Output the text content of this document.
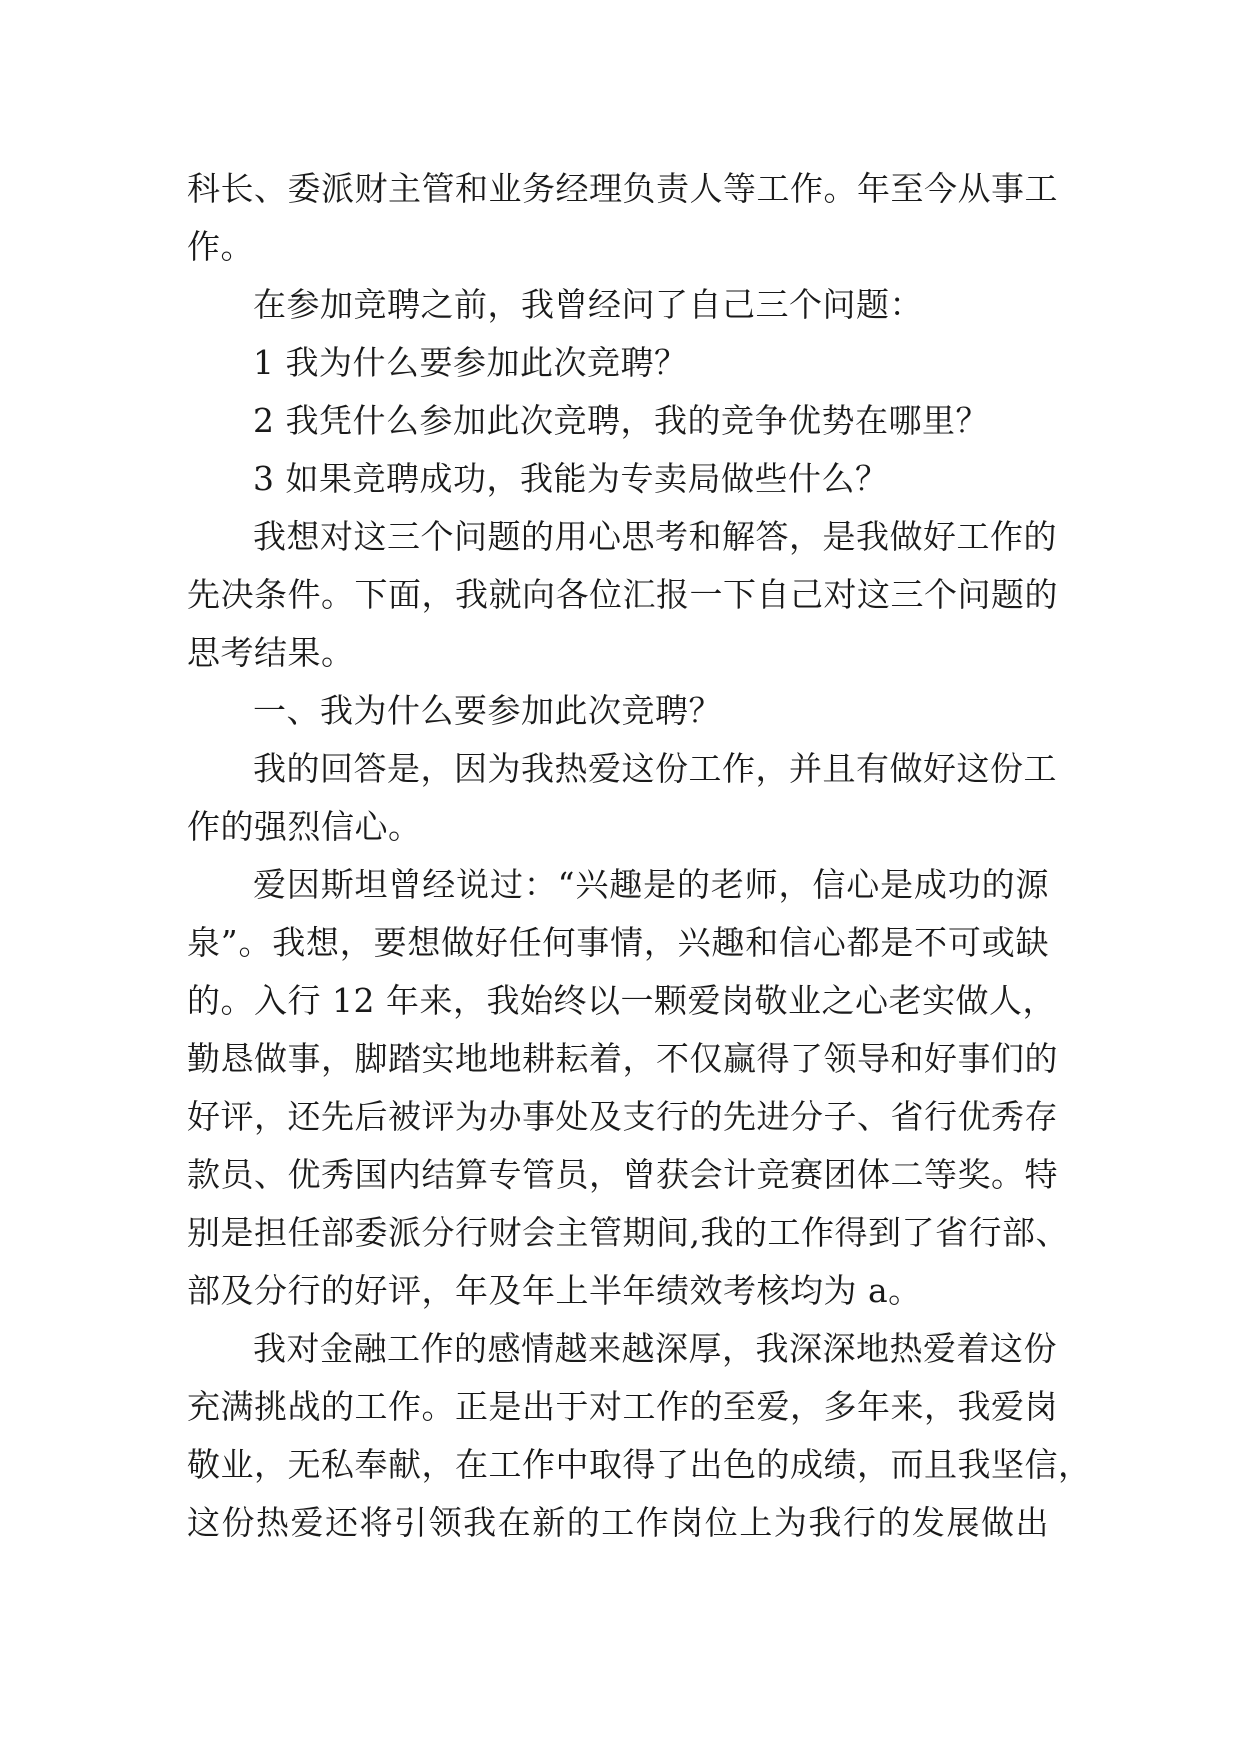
科长、委派财主管和业务经理负责人等工作。年至今从事工
作。
在参加竞聘之前，我曾经问了自己三个问题：
1 我为什么要参加此次竞聘？
2 我凭什么参加此次竞聘，我的竞争优势在哪里？
3 如果竞聘成功，我能为专卖局做些什么？
我想对这三个问题的用心思考和解答，是我做好工作的
先决条件。下面，我就向各位汇报一下自己对这三个问题的
思考结果。
一、我为什么要参加此次竞聘？
我的回答是，因为我热爱这份工作，并且有做好这份工
作的强烈信心。
爱因斯坦曾经说过：“兴趣是的老师，信心是成功的源
泉”。我想，要想做好任何事情，兴趣和信心都是不可或缺
的。入行 12 年来，我始终以一颗爱岗敬业之心老实做人，
勤恳做事，脚踏实地地耕耘着，不仅赢得了领导和好事们的
好评，还先后被评为办事处及支行的先进分子、省行优秀存
款员、优秀国内结算专管员，曾获会计竞赛团体二等奖。特
别是担任部委派分行财会主管期间,我的工作得到了省行部、
部及分行的好评，年及年上半年绩效考核均为 a。
我对金融工作的感情越来越深厚，我深深地热爱着这份
充满挑战的工作。正是出于对工作的至爱，多年来，我爱岗
敬业，无私奉献，在工作中取得了出色的成绩，而且我坚信，
这份热爱还将引领我在新的工作岗位上为我行的发展做出
